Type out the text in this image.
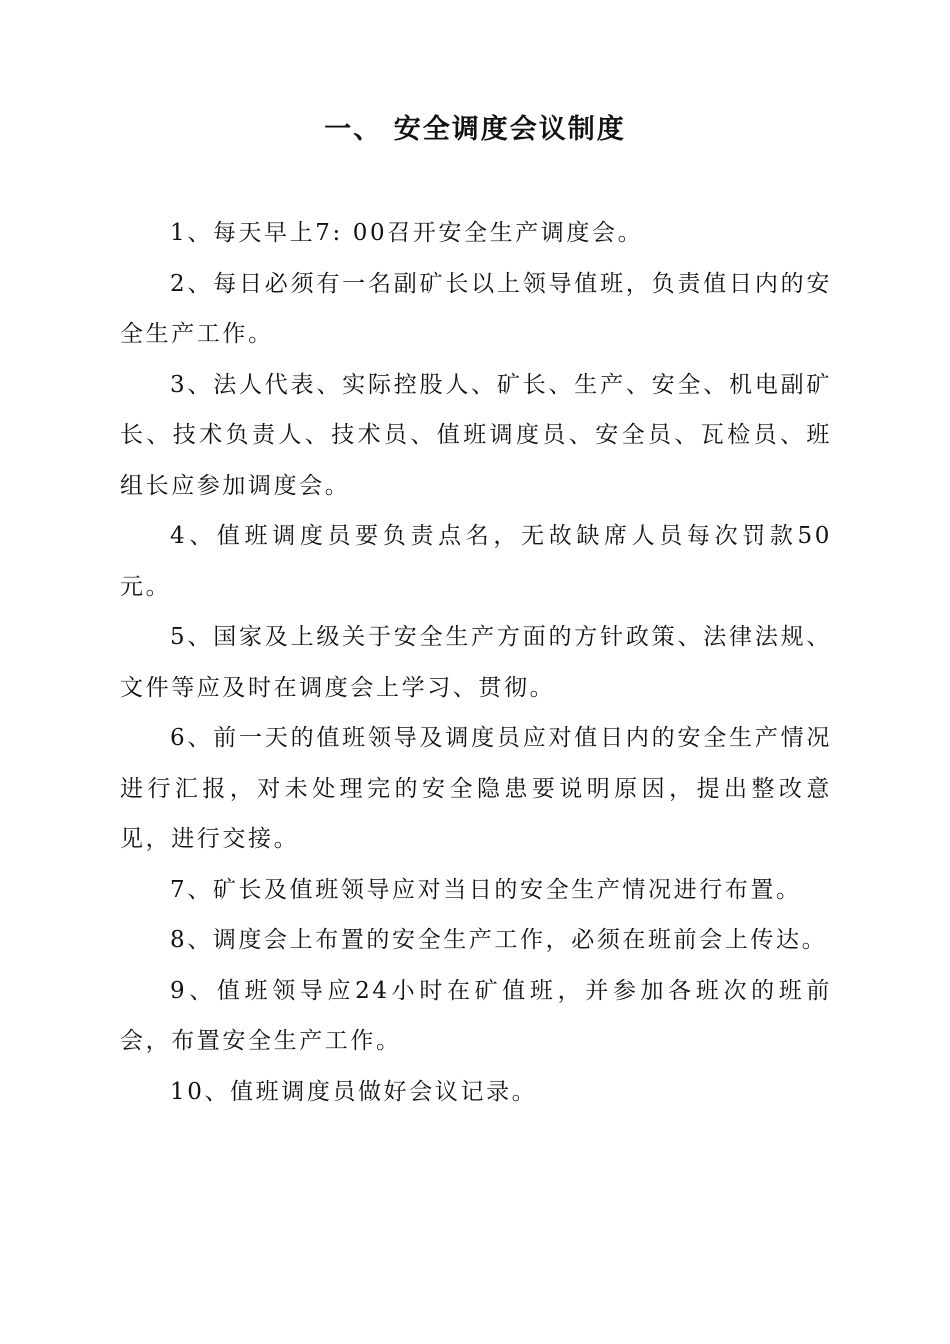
一、 安全调度会议制度

1、每天早上7: 00召开安全生产调度会。

2、每日必须有一名副矿长以上领导值班，负责值日内的安全生产工作。

3、法人代表、实际控股人、矿长、生产、安全、机电副矿长、技术负责人、技术员、值班调度员、安全员、瓦检员、班组长应参加调度会。

4、值班调度员要负责点名，无故缺席人员每次罚款50元。

5、国家及上级关于安全生产方面的方针政策、法律法规、文件等应及时在调度会上学习、贯彻。

6、前一天的值班领导及调度员应对值日内的安全生产情况进行汇报，对未处理完的安全隐患要说明原因，提出整改意见，进行交接。

7、矿长及值班领导应对当日的安全生产情况进行布置。

8、调度会上布置的安全生产工作，必须在班前会上传达。

9、值班领导应24小时在矿值班，并参加各班次的班前会，布置安全生产工作。

10、值班调度员做好会议记录。
